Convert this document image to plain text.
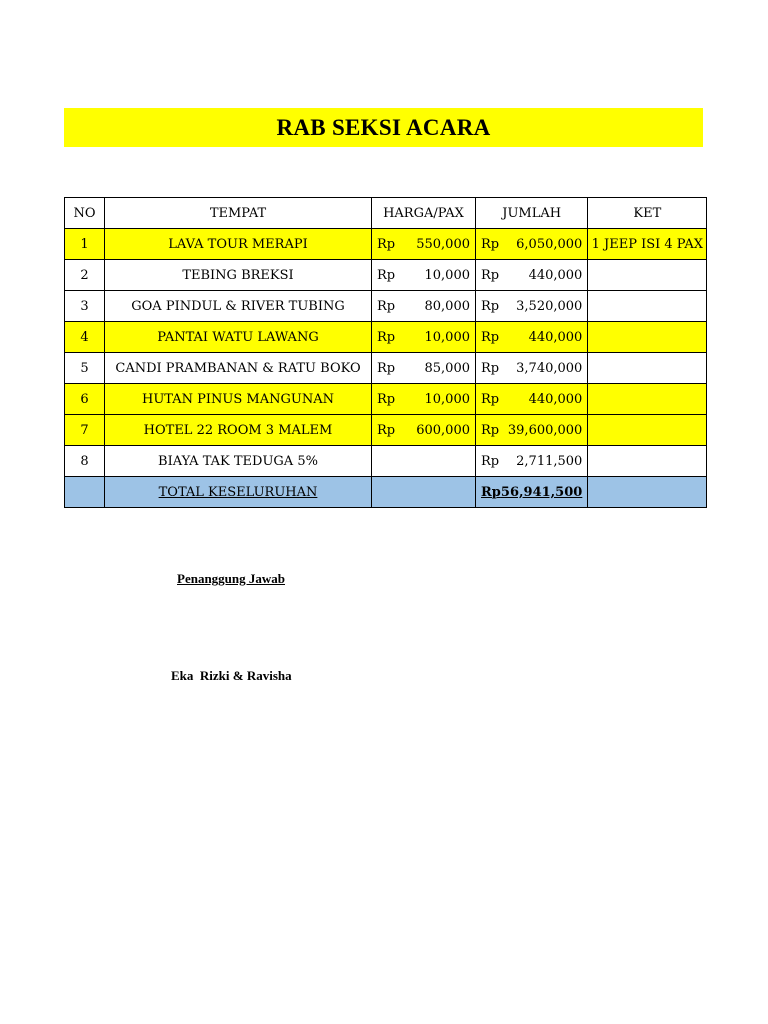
RAB SEKSI ACARA
NO	TEMPAT	HARGA/PAX	JUMLAH	KET
1	LAVA TOUR MERAPI	Rp 550,000	Rp 6,050,000	1 JEEP ISI 4 PAX
2	TEBING BREKSI	Rp 10,000	Rp 440,000	

3	GOA PINDUL & RIVER TUBING	Rp 80,000	Rp 3,520,000	

4	PANTAI WATU LAWANG	Rp 10,000	Rp 440,000	

5	CANDI PRAMBANAN & RATU BOKO	Rp 85,000	Rp 3,740,000	

6	HUTAN PINUS MANGUNAN	Rp 10,000	Rp 440,000	

7	HOTEL 22 ROOM 3 MALEM	Rp 600,000	Rp 39,600,000	

8	BIAYA TAK TEDUGA 5%		Rp 2,711,500	

	TOTAL KESELURUHAN		Rp 56,941,500	

Penanggung Jawab
Eka  Rizki & Ravisha
